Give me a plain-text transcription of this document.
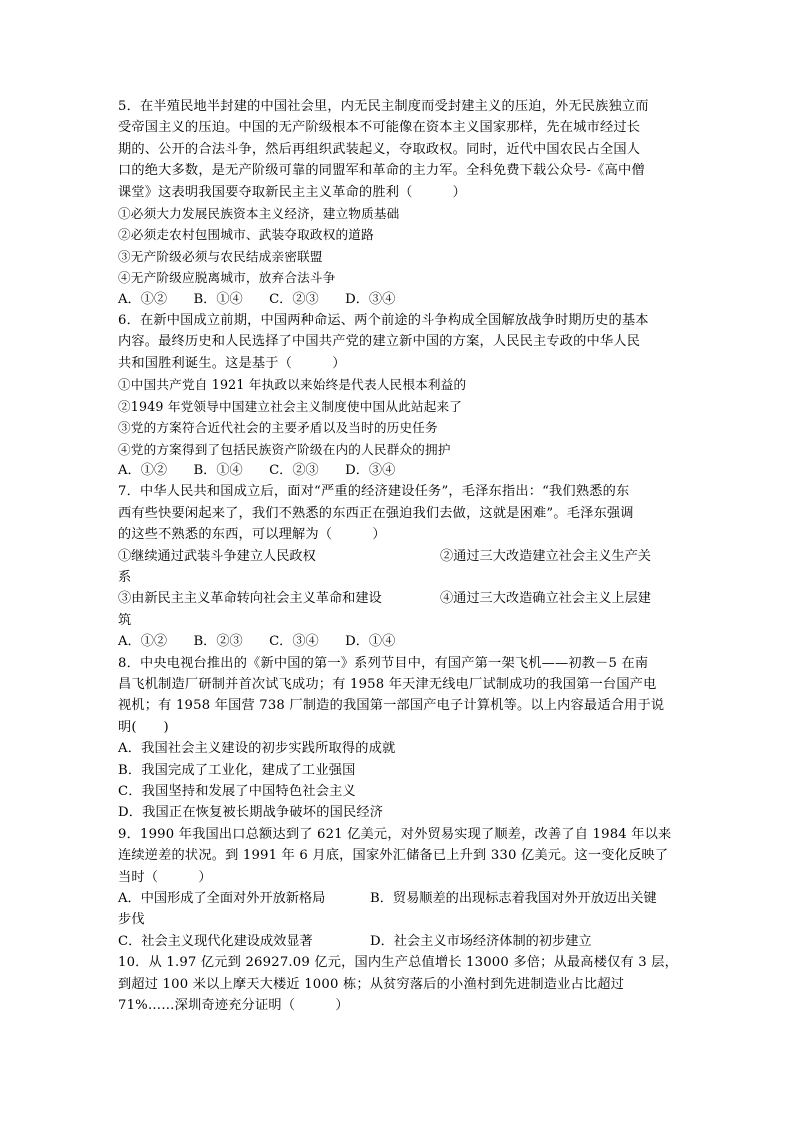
5．在半殖民地半封建的中国社会里，内无民主制度而受封建主义的压迫，外无民族独立而
受帝国主义的压迫。中国的无产阶级根本不可能像在资本主义国家那样，先在城市经过长
期的、公开的合法斗争，然后再组织武装起义，夺取政权。同时，近代中国农民占全国人
口的绝大多数，是无产阶级可靠的同盟军和革命的主力军。全科免费下载公众号-《高中僧
课堂》这表明我国要夺取新民主主义革命的胜利（　　　）
①必须大力发展民族资本主义经济，建立物质基础
②必须走农村包围城市、武装夺取政权的道路
③无产阶级必须与农民结成亲密联盟
④无产阶级应脱离城市，放弃合法斗争
A．①②　　B．①④　　C．②③　　D．③④
6．在新中国成立前期，中国两种命运、两个前途的斗争构成全国解放战争时期历史的基本
内容。最终历史和人民选择了中国共产党的建立新中国的方案，人民民主专政的中华人民
共和国胜利诞生。这是基于（　　　）
①中国共产党自 1921 年执政以来始终是代表人民根本利益的
②1949 年党领导中国建立社会主义制度使中国从此站起来了
③党的方案符合近代社会的主要矛盾以及当时的历史任务
④党的方案得到了包括民族资产阶级在内的人民群众的拥护
A．①②　　B．①④　　C．②③　　D．③④
7．中华人民共和国成立后，面对“严重的经济建设任务”，毛泽东指出：“我们熟悉的东
西有些快要闲起来了，我们不熟悉的东西正在强迫我们去做，这就是困难”。毛泽东强调
的这些不熟悉的东西，可以理解为（　　　）
①继续通过武装斗争建立人民政权	②通过三大改造建立社会主义生产关
系
③由新民主主义革命转向社会主义革命和建设	④通过三大改造确立社会主义上层建
筑
A．①②　　B．②③　　C．③④　　D．①④
8．中央电视台推出的《新中国的第一》系列节目中，有国产第一架飞机——初教－5 在南
昌飞机制造厂研制并首次试飞成功；有 1958 年天津无线电厂试制成功的我国第一台国产电
视机；有 1958 年国营 738 厂制造的我国第一部国产电子计算机等。以上内容最适合用于说
明(　　)
A．我国社会主义建设的初步实践所取得的成就
B．我国完成了工业化，建成了工业强国
C．我国坚持和发展了中国特色社会主义
D．我国正在恢复被长期战争破坏的国民经济
9．1990 年我国出口总额达到了 621 亿美元，对外贸易实现了顺差，改善了自 1984 年以来
连续逆差的状况。到 1991 年 6 月底，国家外汇储备已上升到 330 亿美元。这一变化反映了
当时（　　　）
A．中国形成了全面对外开放新格局	B．贸易顺差的出现标志着我国对外开放迈出关键
步伐
C．社会主义现代化建设成效显著	D．社会主义市场经济体制的初步建立
10．从 1.97 亿元到 26927.09 亿元，国内生产总值增长 13000 多倍；从最高楼仅有 3 层，
到超过 100 米以上摩天大楼近 1000 栋；从贫穷落后的小渔村到先进制造业占比超过
71%……深圳奇迹充分证明（　　　）
